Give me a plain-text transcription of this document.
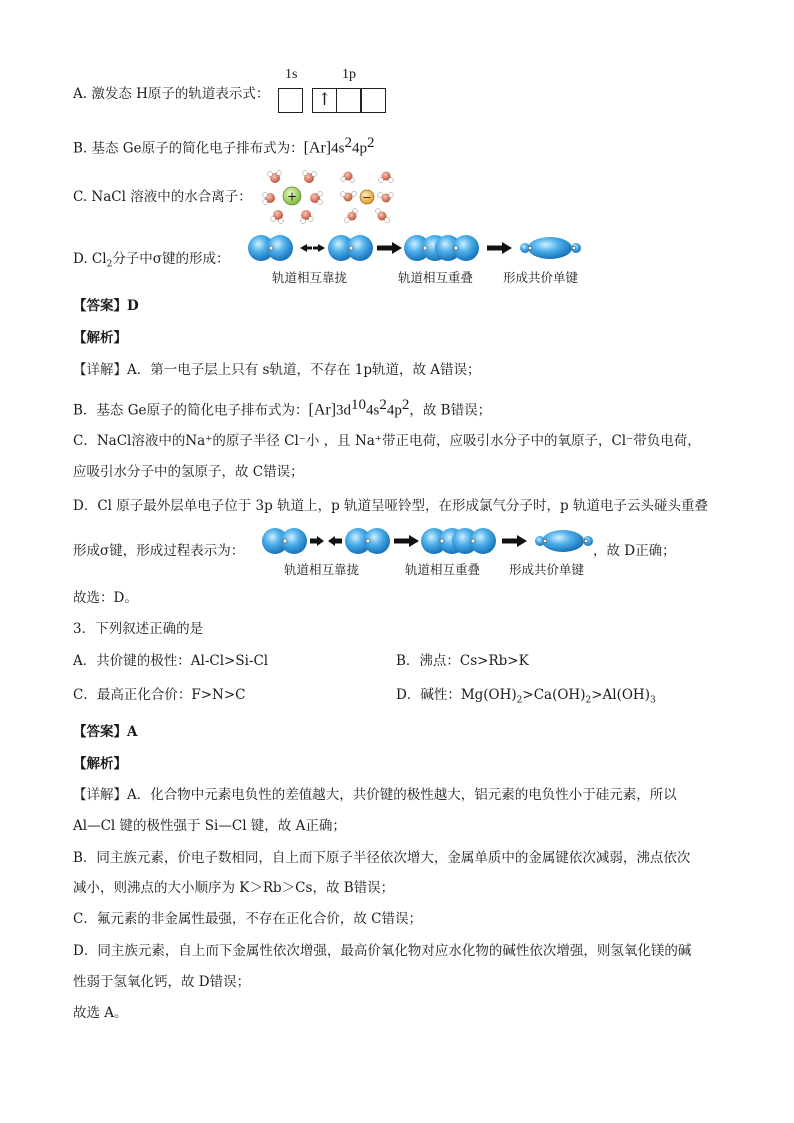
A. 激发态 H原子的轨道表示式：
1s	1p
↑
B. 基态 Ge原子的简化电子排布式为：$[Ar]4s^24p^2$
C. NaCl 溶液中的水合离子：	+	−
D. $Cl_2$分子中σ键的形成：
轨道相互靠拢	轨道相互重叠 形成共价单键
【答案】D
【解析】
【详解】A．第一电子层上只有 s轨道，不存在 1p轨道，故 A错误；
B．基态 Ge原子的简化电子排布式为：$[Ar]3d^{10}4s^24p^2$，故 B错误；
C．NaCl溶液中的Na⁺的原子半径 Cl⁻小 ，且 Na⁺带正电荷，应吸引水分子中的氧原子，Cl⁻带负电荷，
应吸引水分子中的氢原子，故 C错误；
D．Cl 原子最外层单电子位于 3p 轨道上，p 轨道呈哑铃型，在形成氯气分子时，p 轨道电子云头碰头重叠
形成σ键，形成过程表示为：	，故 D正确；
轨道相互靠拢	轨道相互重叠 形成共价单键
故选：D。
3．下列叙述正确的是
A．共价键的极性：Al-Cl>Si-Cl	B．沸点：Cs>Rb>K
C．最高正化合价：F>N>C	D．碱性：$Mg(OH)_2>Ca(OH)_2>Al(OH)_3$
【答案】A
【解析】
【详解】A．化合物中元素电负性的差值越大，共价键的极性越大，铝元素的电负性小于硅元素，所以
Al—Cl 键的极性强于 Si—Cl 键，故 A正确；
B．同主族元素，价电子数相同，自上而下原子半径依次增大，金属单质中的金属键依次减弱，沸点依次
减小，则沸点的大小顺序为 K＞Rb＞Cs，故 B错误；
C．氟元素的非金属性最强，不存在正化合价，故 C错误；
D．同主族元素，自上而下金属性依次增强，最高价氧化物对应水化物的碱性依次增强，则氢氧化镁的碱
性弱于氢氧化钙，故 D错误；
故选 A。
